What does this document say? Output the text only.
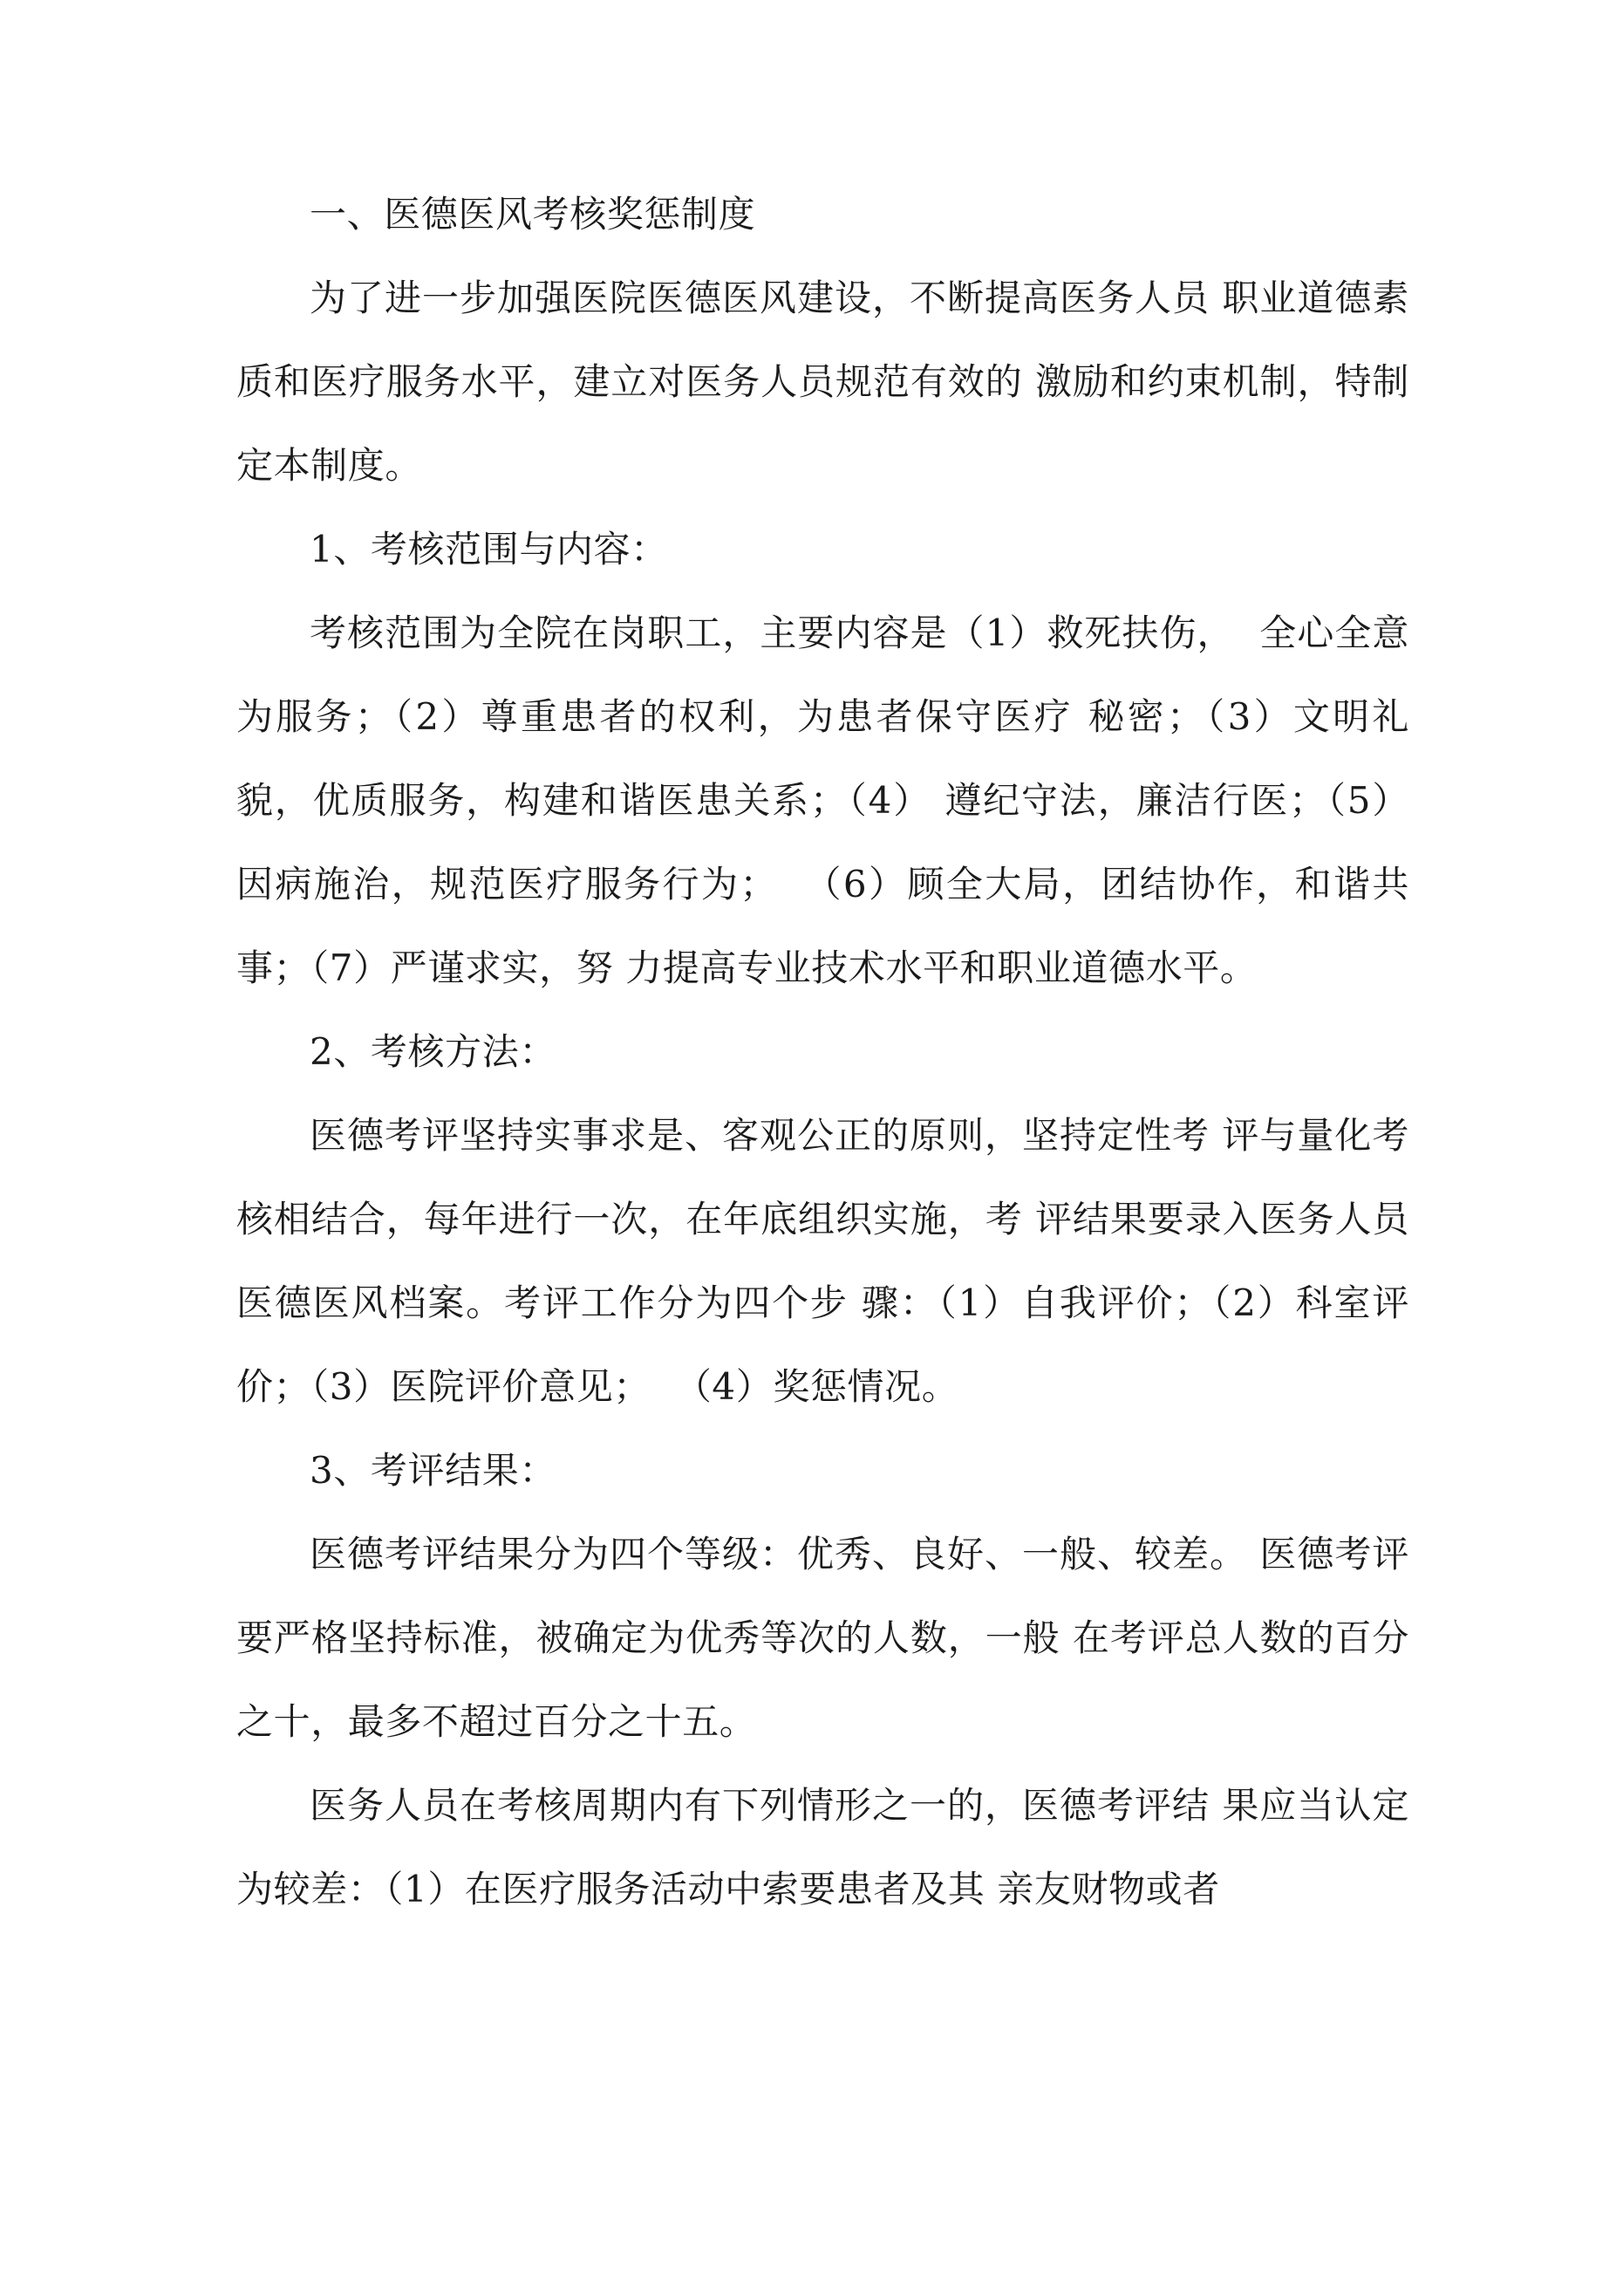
一、医德医风考核奖惩制度

为了进一步加强医院医德医风建设，不断提高医务人员 职业道德素质和医疗服务水平，建立对医务人员规范有效的 激励和约束机制，特制定本制度。

1、考核范围与内容：

考核范围为全院在岗职工，主要内容是（1）救死扶伤，  全心全意为服务；（2）尊重患者的权利，为患者保守医疗 秘密；（3）文明礼貌，优质服务，构建和谐医患关系；（4） 遵纪守法，廉洁行医；（5）因病施治，规范医疗服务行为；  （6）顾全大局，团结协作，和谐共事；（7）严谨求实，努 力提高专业技术水平和职业道德水平。

2、考核方法：

医德考评坚持实事求是、客观公正的原则，坚持定性考 评与量化考核相结合，每年进行一次，在年底组织实施，考 评结果要录入医务人员医德医风档案。考评工作分为四个步 骤：（1）自我评价；（2）科室评价；（3）医院评价意见；  （4）奖惩情况。

3、考评结果：

医德考评结果分为四个等级：优秀、良好、一般、较差。 医德考评要严格坚持标准，被确定为优秀等次的人数，一般 在考评总人数的百分之十，最多不超过百分之十五。

医务人员在考核周期内有下列情形之一的，医德考评结 果应当认定为较差：（1）在医疗服务活动中索要患者及其 亲友财物或者
